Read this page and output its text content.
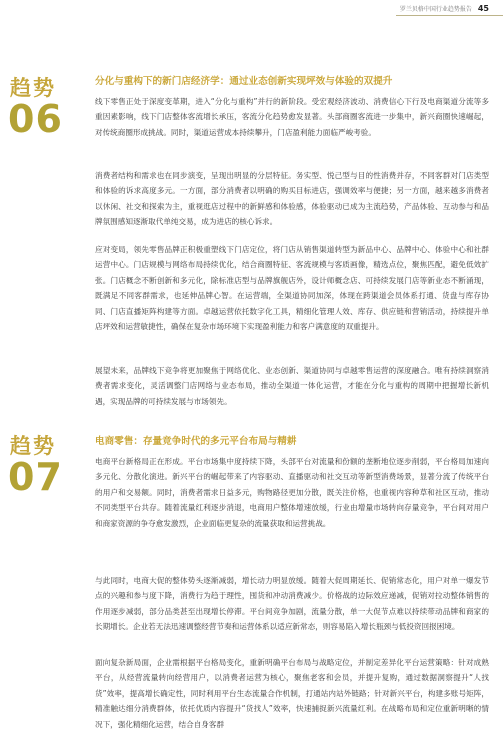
罗兰贝格中国行业趋势报告 45
趋势
06
分化与重构下的新门店经济学：通过业态创新实现坪效与体验的双提升

线下零售正处于深度变革期，进入“分化与重构”并行的新阶段。受宏观经济波动、消费信心下行及电商渠道分流等多重因素影响，线下门店整体客流增长承压，客流分化趋势愈发显著。头部商圈客流进一步集中，新兴商圈快速崛起，对传统商圈形成挑战。同时，渠道运营成本持续攀升，门店盈利能力面临严峻考验。

消费者结构和需求也在同步演变，呈现出明显的分层特征。务实型、悦己型与目的性消费并存，不同客群对门店类型和体验的诉求高度多元。一方面，部分消费者以明确的购买目标进店，强调效率与便捷；另一方面，越来越多消费者以休闲、社交和探索为主，重视逛店过程中的新鲜感和体验感，体验驱动已成为主流趋势，产品体验、互动参与和品牌氛围感知逐渐取代单纯交易，成为进店的核心诉求。

应对变局，领先零售品牌正积极重塑线下门店定位，将门店从销售渠道转型为新品中心、品牌中心、体验中心和社群运营中心。门店规模与网络布局持续优化，结合商圈特征、客流规模与客质画像，精选点位，聚焦匹配，避免低效扩张。门店概念不断创新和多元化，除标准店型与品牌旗舰店外，设计师概念店、可持续发展门店等新业态不断涌现，既满足不同客群需求，也延伸品牌心智。在运营端，全渠道协同加深，体现在跨渠道会员体系打通、货盘与库存协同、门店直播矩阵构建等方面。卓越运营依托数字化工具，精细化管理人效、库存、供应链和营销活动，持续提升单店坪效和运营敏捷性，确保在复杂市场环境下实现盈利能力和客户满意度的双重提升。

展望未来，品牌线下竞争将更加聚焦于网络优化、业态创新、渠道协同与卓越零售运营的深度融合。唯有持续洞察消费者需求变化，灵活调整门店网络与业态布局，推动全渠道一体化运营，才能在分化与重构的周期中把握增长新机遇，实现品牌的可持续发展与市场领先。

趋势
07
电商零售：存量竞争时代的多元平台布局与精耕

电商平台新格局正在形成。平台市场集中度持续下降，头部平台对流量和份额的垄断地位逐步削弱，平台格局加速向多元化、分散化演进。新兴平台的崛起带来了内容驱动、直播驱动和社交互动等新型消费场景，显著分流了传统平台的用户和交易额。同时，消费者需求日益多元，购物路径更加分散，既关注价格，也重视内容种草和社区互动，推动不同类型平台共存。随着流量红利逐步消退，电商用户整体增速放缓，行业由增量市场转向存量竞争，平台间对用户和商家资源的争夺愈发激烈，企业面临更复杂的流量获取和运营挑战。

与此同时，电商大促的整体势头逐渐减弱，增长动力明显放缓。随着大促周期延长、促销常态化，用户对单一爆发节点的兴趣和参与度下降，消费行为趋于理性，囤货和冲动消费减少。价格战的边际效应递减，促销对拉动整体销售的作用逐步减弱，部分品类甚至出现增长停滞。平台间竞争加剧，流量分散，单一大促节点难以持续带动品牌和商家的长期增长。企业若无法迅速调整经营节奏和运营体系以适应新常态，则容易陷入增长瓶颈与低投资回报困境。

面向复杂新局面，企业需根据平台格局变化，重新明确平台布局与战略定位，并制定差异化平台运营策略：针对成熟平台，从经营流量转向经营用户，以消费者运营为核心，聚焦老客和会员，并提升复购，通过数据洞察提升“人找货”效率，提高增长确定性，同时利用平台生态流量合作机制，打通站内站外链路；针对新兴平台，构建多账号矩阵，精准触达细分消费群体，依托优质内容提升“货找人”效率，快速捕捉新兴流量红利。在战略布局和定位重新明晰的情况下，强化精细化运营，结合自身客群
